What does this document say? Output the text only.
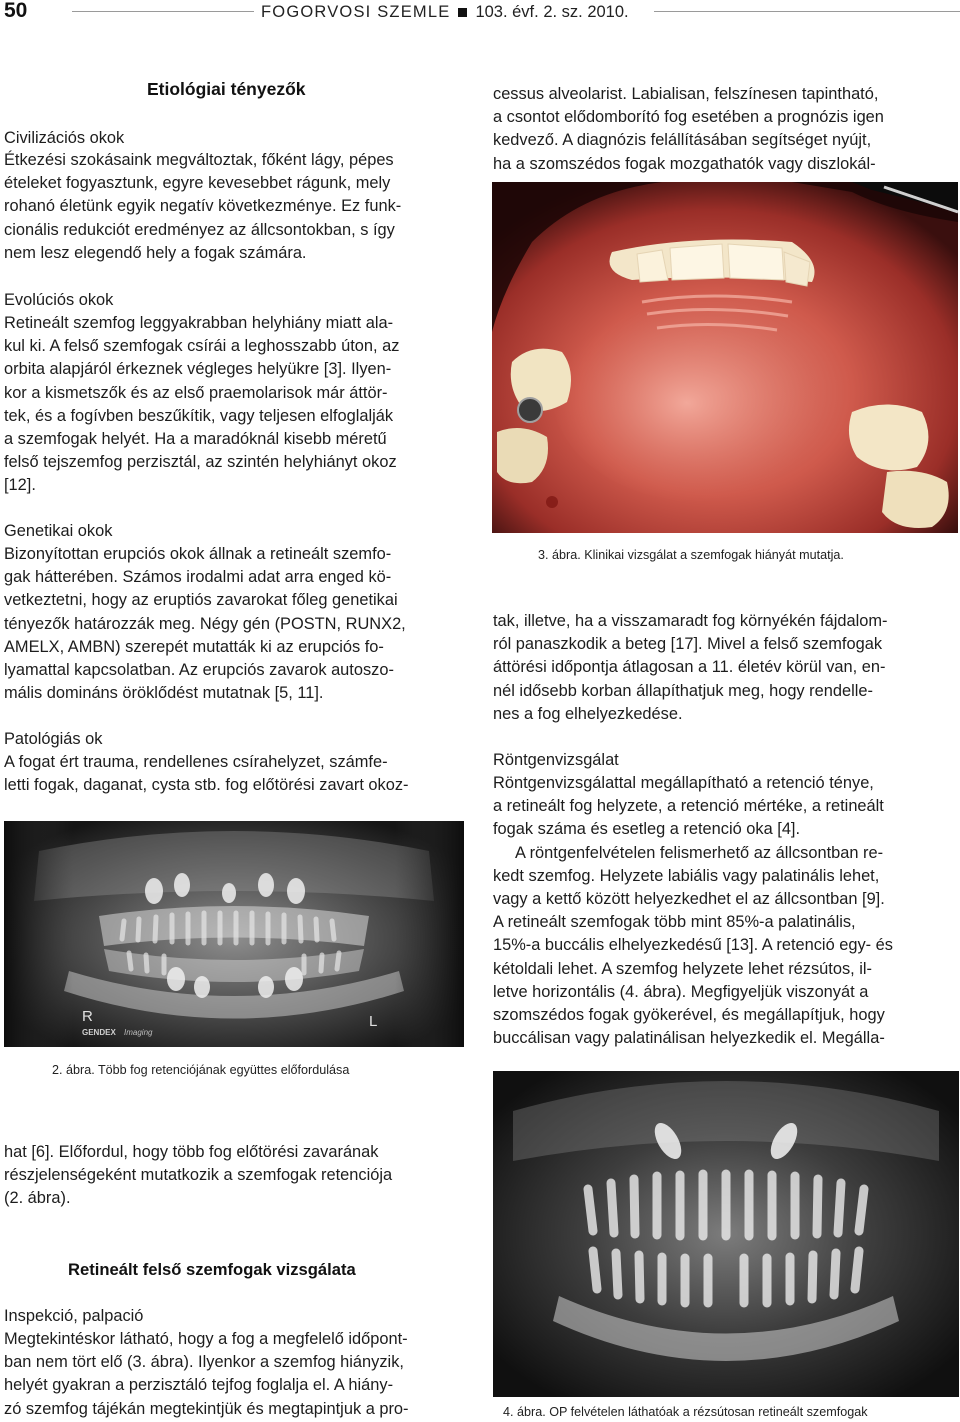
50	FOGORVOSI SZEMLE 103. évf. 2. sz. 2010.
Etiológiai tényezők
Civilizációs okok
Étkezési szokásaink megváltoztak, főként lágy, pépes
ételeket fogyasztunk, egyre kevesebbet rágunk, mely
rohanó életünk egyik negatív következménye. Ez funk-
cionális redukciót eredményez az állcsontokban, s így
nem lesz elegendő hely a fogak számára.
Evolúciós okok
Retineált szemfog leggyakrabban helyhiány miatt ala-
kul ki. A felső szemfogak csírái a leghosszabb úton, az
orbita alapjáról érkeznek végleges helyükre [3]. Ilyen-
kor a kismetszők és az első praemolarisok már áttör-
tek, és a fogívben beszűkítik, vagy teljesen elfoglalják
a szemfogak helyét. Ha a maradóknál kisebb méretű
felső tejszemfog perzisztál, az szintén helyhiányt okoz
[12].
Genetikai okok
Bizonyítottan erupciós okok állnak a retineált szemfo-
gak hátterében. Számos irodalmi adat arra enged kö-
vetkeztetni, hogy az eruptiós zavarokat főleg genetikai
tényezők határozzák meg. Négy gén (POSTN, RUNX2,
AMELX, AMBN) szerepét mutatták ki az erupciós fo-
lyamattal kapcsolatban. Az erupciós zavarok autoszo-
mális domináns öröklődést mutatnak [5, 11].
Patológiás ok
A fogat ért trauma, rendellenes csírahelyzet, számfe-
letti fogak, daganat, cysta stb. fog előtörési zavart okoz-
R
GENDEX Imaging
L
2. ábra. Több fog retenciójának együttes előfordulása
hat [6]. Előfordul, hogy több fog előtörési zavarának
részjelenségeként mutatkozik a szemfogak retenciója
(2. ábra).
Retineált felső szemfogak vizsgálata
Inspekció, palpació
Megtekintéskor látható, hogy a fog a megfelelő időpont-
ban nem tört elő (3. ábra). Ilyenkor a szemfog hiányzik,
helyét gyakran a perzisztáló tejfog foglalja el. A hiány-
zó szemfog tájékán megtekintjük és megtapintjuk a pro-
cessus alveolarist. Labialisan, felszínesen tapintható,
a csontot elődomborító fog esetében a prognózis igen
kedvező. A diagnózis felállításában segítséget nyújt,
ha a szomszédos fogak mozgathatók vagy diszlokál-
3. ábra. Klinikai vizsgálat a szemfogak hiányát mutatja.
tak, illetve, ha a visszamaradt fog környékén fájdalom-
ról panaszkodik a beteg [17]. Mivel a felső szemfogak
áttörési időpontja átlagosan a 11. életév körül van, en-
nél idősebb korban állapíthatjuk meg, hogy rendelle-
nes a fog elhelyezkedése.
Röntgenvizsgálat
Röntgenvizsgálattal megállapítható a retenció ténye,
a retineált fog helyzete, a retenció mértéke, a retineált
fogak száma és esetleg a retenció oka [4].
A röntgenfelvételen felismerhető az állcsontban re-
kedt szemfog. Helyzete labiális vagy palatinális lehet,
vagy a kettő között helyezkedhet el az állcsontban [9].
A retineált szemfogak több mint 85%-a palatinális,
15%-a buccális elhelyezkedésű [13]. A retenció egy- és
kétoldali lehet. A szemfog helyzete lehet rézsútos, il-
letve horizontális (4. ábra). Megfigyeljük viszonyát a
szomszédos fogak gyökerével, és megállapítjuk, hogy
buccálisan vagy palatinálisan helyezkedik el. Megálla-
4. ábra. OP felvételen láthatóak a rézsútosan retineált szemfogak
